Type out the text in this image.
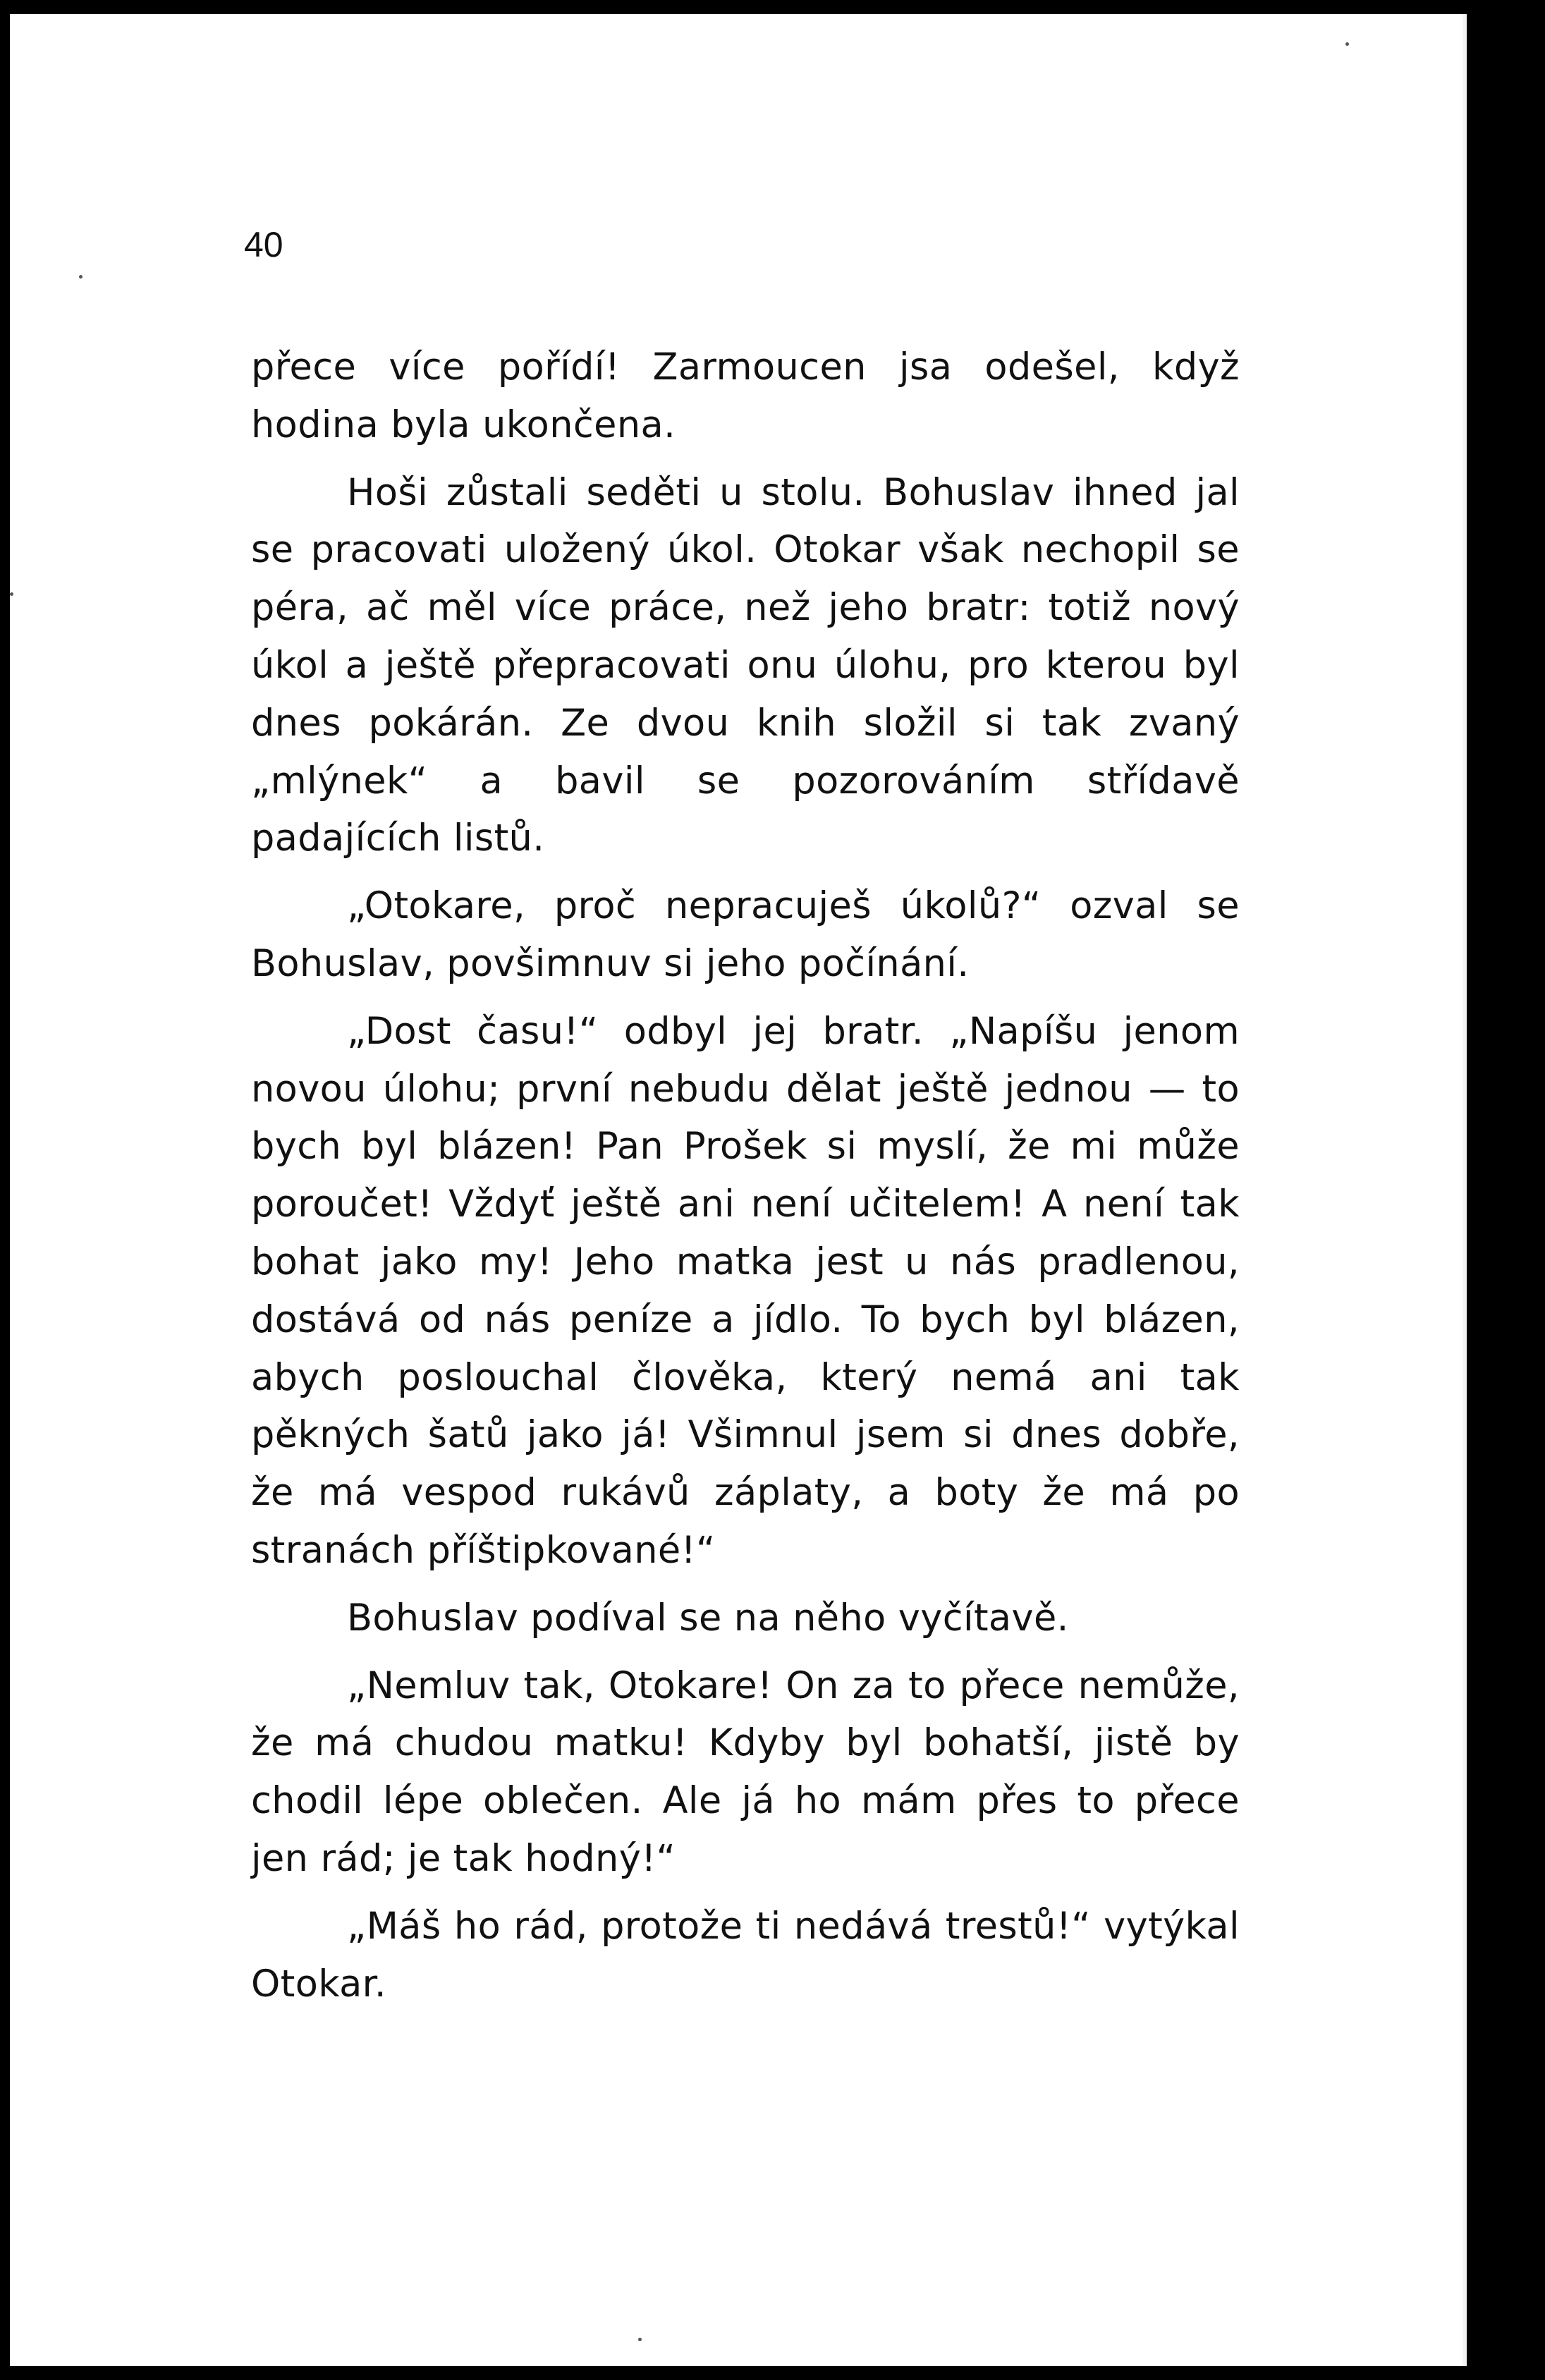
40

přece více pořídí! Zarmoucen jsa odešel, když hodina byla ukončena.

Hoši zůstali seděti u stolu. Bohuslav ihned jal se pracovati uložený úkol. Otokar však nechopil se péra, ač měl více práce, než jeho bratr: totiž nový úkol a ještě přepracovati onu úlohu, pro kterou byl dnes pokárán. Ze dvou knih složil si tak zvaný „mlýnek“ a bavil se pozorováním střídavě padajících listů.

„Otokare, proč nepracuješ úkolů?“ ozval se Bohuslav, povšimnuv si jeho počínání.

„Dost času!“ odbyl jej bratr. „Napíšu jenom novou úlohu; první nebudu dělat ještě jednou — to bych byl blázen! Pan Prošek si myslí, že mi může poroučet! Vždyť ještě ani není učitelem! A není tak bohat jako my! Jeho matka jest u nás pradlenou, dostává od nás peníze a jídlo. To bych byl blázen, abych poslouchal člověka, který nemá ani tak pěkných šatů jako já! Všimnul jsem si dnes dobře, že má vespod rukávů záplaty, a boty že má po stranách příštipkované!“

Bohuslav podíval se na něho vyčítavě.

„Nemluv tak, Otokare! On za to přece nemůže, že má chudou matku! Kdyby byl bohatší, jistě by chodil lépe oblečen. Ale já ho mám přes to přece jen rád; je tak hodný!“

„Máš ho rád, protože ti nedává trestů!“ vytýkal Otokar.
